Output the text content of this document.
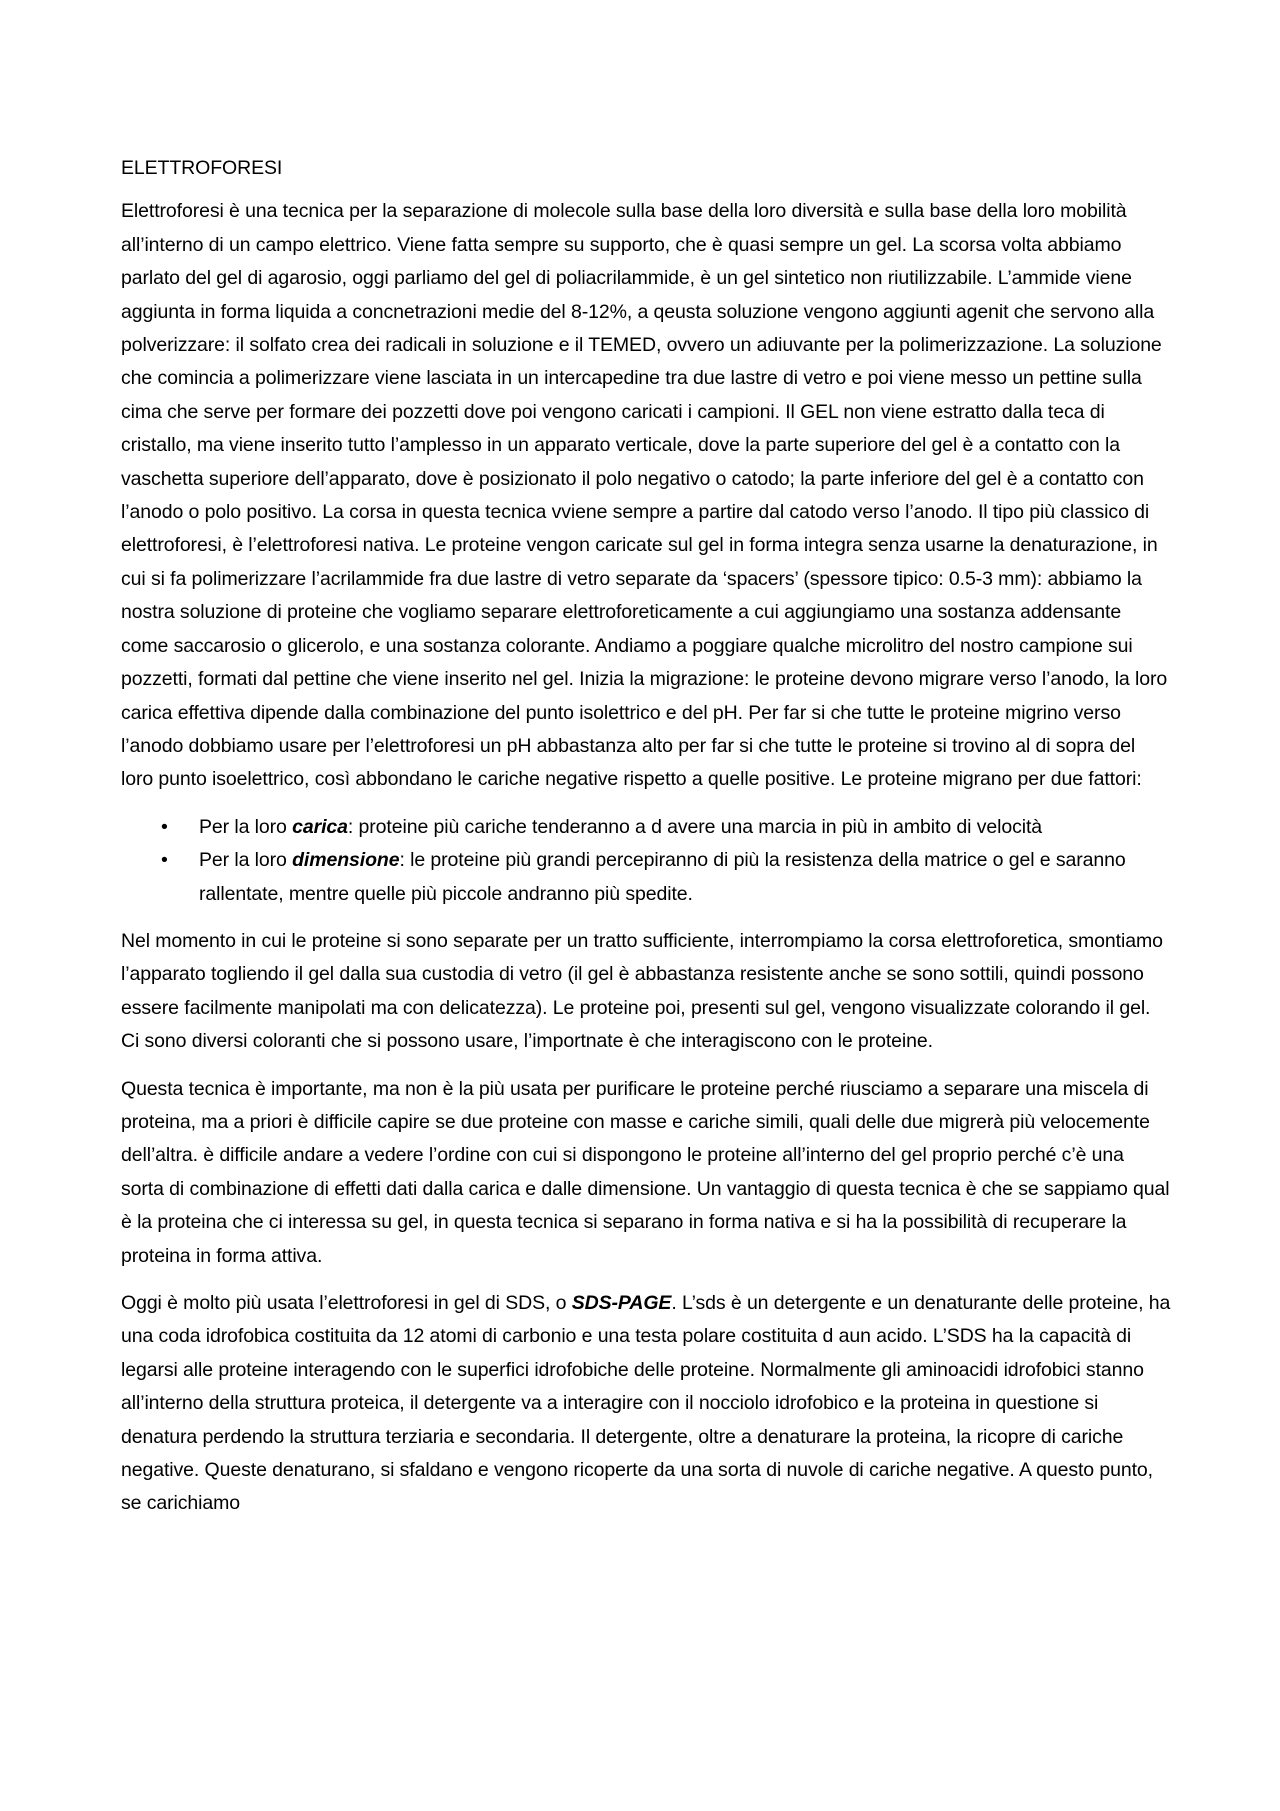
ELETTROFORESI

Elettroforesi è una tecnica per la separazione di molecole sulla base della loro diversità e sulla base della loro mobilità all’interno di un campo elettrico. Viene fatta sempre su supporto, che è quasi sempre un gel. La scorsa volta abbiamo parlato del gel di agarosio, oggi parliamo del gel di poliacrilammide, è un gel sintetico non riutilizzabile. L’ammide viene aggiunta in forma liquida a concnetrazioni medie del 8-12%, a qeusta soluzione vengono aggiunti agenit che servono alla polverizzare: il solfato crea dei radicali in soluzione e il TEMED, ovvero un adiuvante per la polimerizzazione. La soluzione che comincia a polimerizzare viene lasciata in un intercapedine tra due lastre di vetro e poi viene messo un pettine sulla cima che serve per formare dei pozzetti dove poi vengono caricati i campioni. Il GEL non viene estratto dalla teca di cristallo, ma viene inserito tutto l’amplesso in un apparato verticale, dove la parte superiore del gel è a contatto con la vaschetta superiore dell’apparato, dove è posizionato il polo negativo o catodo; la parte inferiore del gel è a contatto con l’anodo o polo positivo. La corsa in questa tecnica vviene sempre a partire dal catodo verso l’anodo. Il tipo più classico di elettroforesi, è l’elettroforesi nativa. Le proteine vengon caricate sul gel in forma integra senza usarne la denaturazione, in cui si fa polimerizzare l’acrilammide fra due lastre di vetro separate da ‘spacers’ (spessore tipico: 0.5-3 mm): abbiamo la nostra soluzione di proteine che vogliamo separare elettroforeticamente a cui aggiungiamo una sostanza addensante come saccarosio o glicerolo, e una sostanza colorante. Andiamo a poggiare qualche microlitro del nostro campione sui pozzetti, formati dal pettine che viene inserito nel gel. Inizia la migrazione: le proteine devono migrare verso l’anodo, la loro carica effettiva dipende dalla combinazione del punto isolettrico e del pH. Per far si che tutte le proteine migrino verso l’anodo dobbiamo usare per l’elettroforesi un pH abbastanza alto per far si che tutte le proteine si trovino al di sopra del loro punto isoelettrico, così abbondano le cariche negative rispetto a quelle positive. Le proteine migrano per due fattori:

• Per la loro carica: proteine più cariche tenderanno a d avere una marcia in più in ambito di velocità
• Per la loro dimensione: le proteine più grandi percepiranno di più la resistenza della matrice o gel e saranno rallentate, mentre quelle più piccole andranno più spedite.

Nel momento in cui le proteine si sono separate per un tratto sufficiente, interrompiamo la corsa elettroforetica, smontiamo l’apparato togliendo il gel dalla sua custodia di vetro (il gel è abbastanza resistente anche se sono sottili, quindi possono essere facilmente manipolati ma con delicatezza). Le proteine poi, presenti sul gel, vengono visualizzate colorando il gel. Ci sono diversi coloranti che si possono usare, l’importnate è che interagiscono con le proteine.

Questa tecnica è importante, ma non è la più usata per purificare le proteine perché riusciamo a separare una miscela di proteina, ma a priori è difficile capire se due proteine con masse e cariche simili, quali delle due migrerà più velocemente dell’altra. è difficile andare a vedere l’ordine con cui si dispongono le proteine all’interno del gel proprio perché c’è una sorta di combinazione di effetti dati dalla carica e dalle dimensione. Un vantaggio di questa tecnica è che se sappiamo qual è la proteina che ci interessa su gel, in questa tecnica si separano in forma nativa e si ha la possibilità di recuperare la proteina in forma attiva.

Oggi è molto più usata l’elettroforesi in gel di SDS, o SDS-PAGE. L’sds è un detergente e un denaturante delle proteine, ha una coda idrofobica costituita da 12 atomi di carbonio e una testa polare costituita d aun acido. L’SDS ha la capacità di legarsi alle proteine interagendo con le superfici idrofobiche delle proteine. Normalmente gli aminoacidi idrofobici stanno all’interno della struttura proteica, il detergente va a interagire con il nocciolo idrofobico e la proteina in questione si denatura perdendo la struttura terziaria e secondaria. Il detergente, oltre a denaturare la proteina, la ricopre di cariche negative. Queste denaturano, si sfaldano e vengono ricoperte da una sorta di nuvole di cariche negative. A questo punto, se carichiamo
